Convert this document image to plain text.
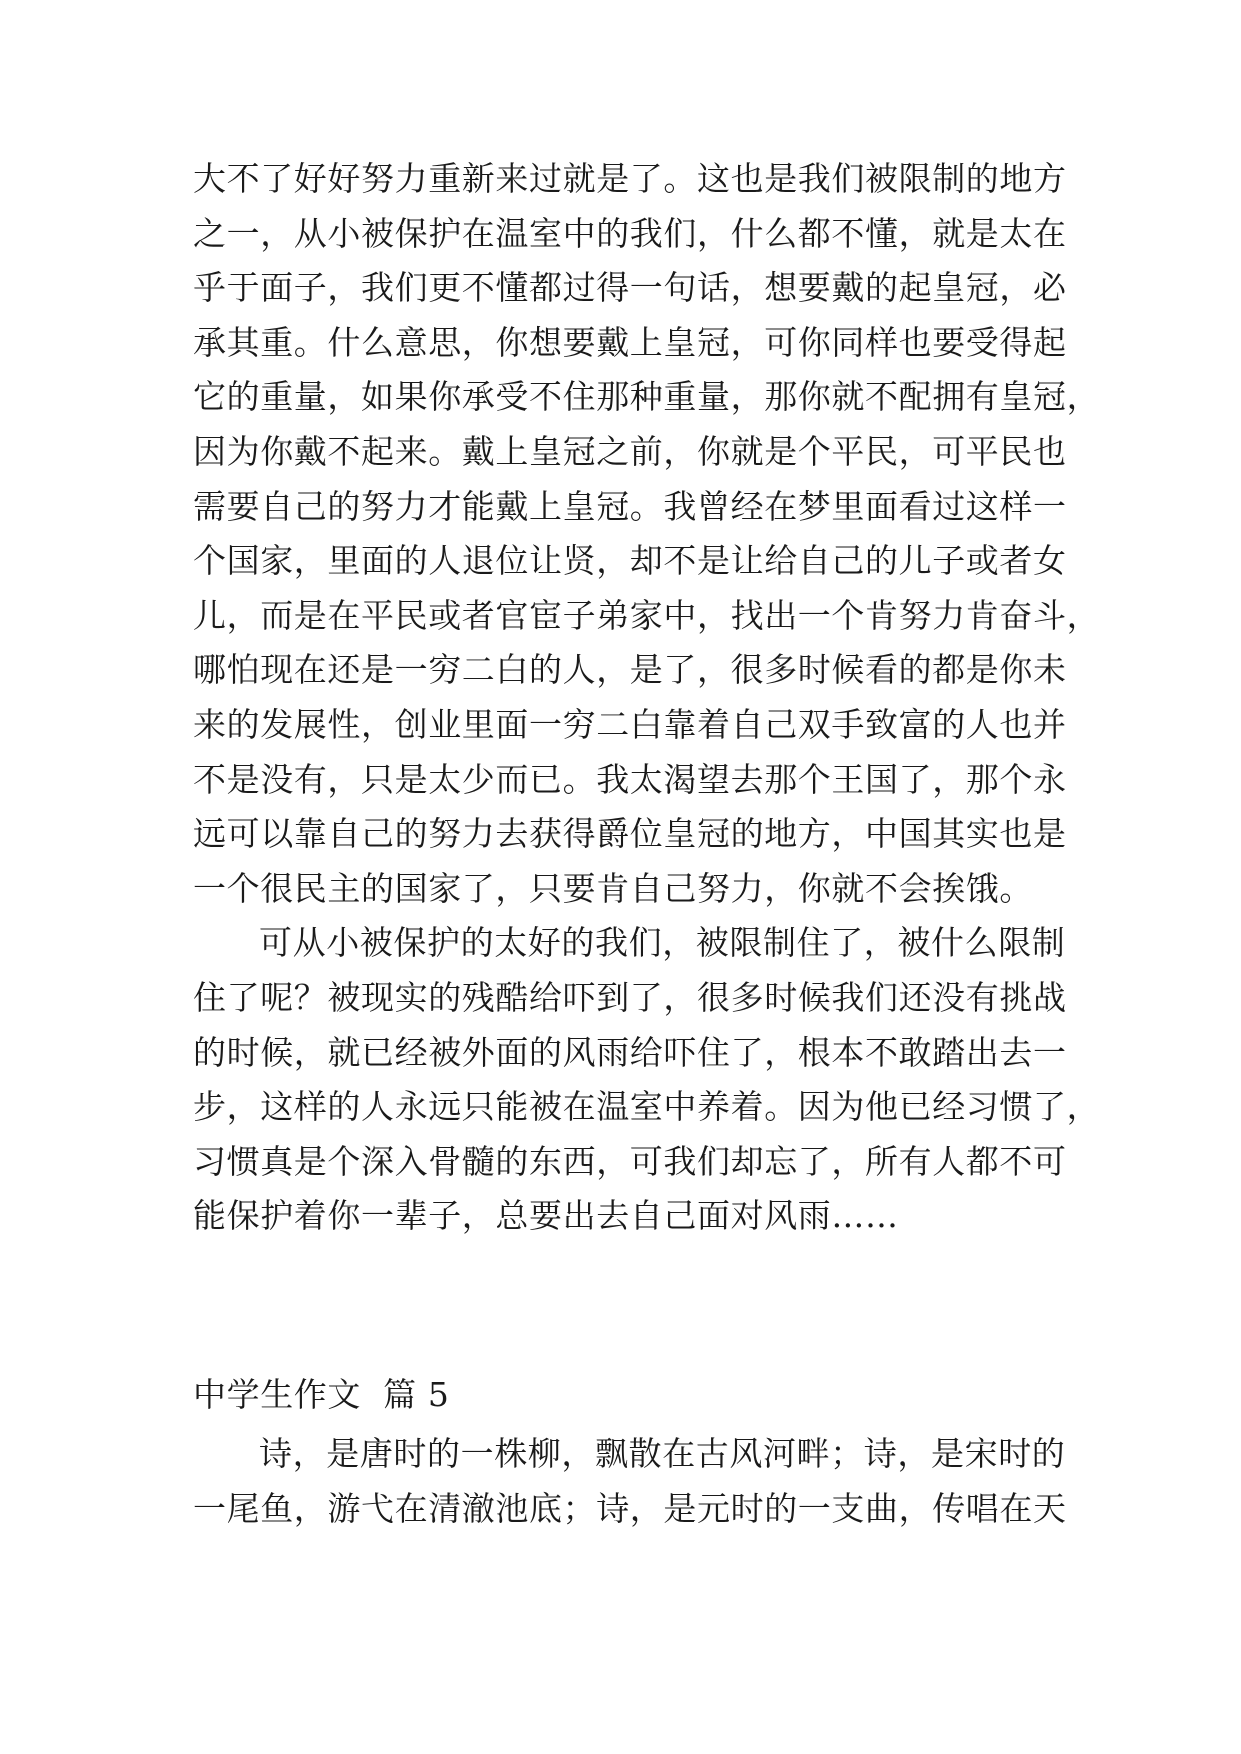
大不了好好努力重新来过就是了。这也是我们被限制的地方
之一，从小被保护在温室中的我们，什么都不懂，就是太在
乎于面子，我们更不懂都过得一句话，想要戴的起皇冠，必
承其重。什么意思，你想要戴上皇冠，可你同样也要受得起
它的重量，如果你承受不住那种重量，那你就不配拥有皇冠，
因为你戴不起来。戴上皇冠之前，你就是个平民，可平民也
需要自己的努力才能戴上皇冠。我曾经在梦里面看过这样一
个国家，里面的人退位让贤，却不是让给自己的儿子或者女
儿，而是在平民或者官宦子弟家中，找出一个肯努力肯奋斗，
哪怕现在还是一穷二白的人，是了，很多时候看的都是你未
来的发展性，创业里面一穷二白靠着自己双手致富的人也并
不是没有，只是太少而已。我太渴望去那个王国了，那个永
远可以靠自己的努力去获得爵位皇冠的地方，中国其实也是
一个很民主的国家了，只要肯自己努力，你就不会挨饿。
可从小被保护的太好的我们，被限制住了，被什么限制
住了呢？被现实的残酷给吓到了，很多时候我们还没有挑战
的时候，就已经被外面的风雨给吓住了，根本不敢踏出去一
步，这样的人永远只能被在温室中养着。因为他已经习惯了，
习惯真是个深入骨髓的东西，可我们却忘了，所有人都不可
能保护着你一辈子，总要出去自己面对风雨……
中学生作文  篇 5
诗，是唐时的一株柳，飘散在古风河畔；诗，是宋时的
一尾鱼，游弋在清澈池底；诗，是元时的一支曲，传唱在天
